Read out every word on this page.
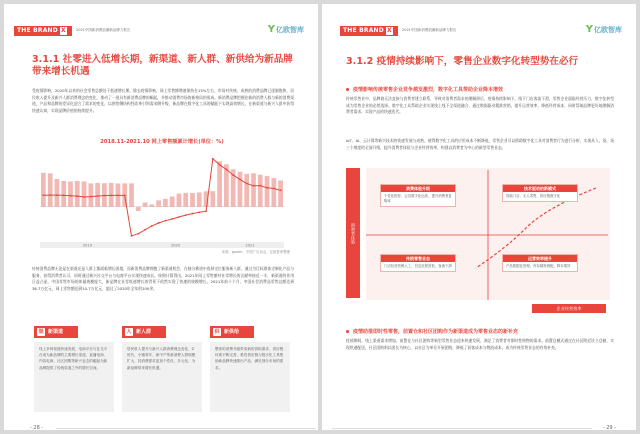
THE BRAND X	2021中国新消费浪潮新品牌力报告	Y亿欧智库
3.1.1 社零进入低增长期，新渠道、新人群、新供给为新品牌
带来增长机遇
受疫情影响，2020年以来的社会零售总额处于低速增长期，除去疫情影响，网上零售额增速保持在15%左右，市场对传统、成熟的消费品牌已逐渐饱和，居民收入提升及新兴人群消费理念的变化，推动了一批具有新消费品牌的崛起，并推动消费市场的新格局的形成。新消费品牌把握住新的消费人群与新的消费渠道，产品和品牌的差异化迎合了需求的变化，以供给侧结构性改革引领需求侧升级，新品牌在数字化工具的赋能下实现高效增长，在新渠道与新兴人群中获得快速认知，实现品牌价值的持续提升。
2018.11-2021.10 网上零售额累计增长(单位：%)
2019	2020	2021
来源：gooler、中国广告协会，亿欧智库整理
传统消费品牌无论是在渠道还是人群上都面临增长困境，而新消费品牌拥抱了新渠道机会，在细分赛道中选择定位服务新人群，通过为目标群体定制化产品与服务，获得消费者认可，同时通过新兴社交平台与电商平台实现快速成长。按照计算得出，2021年网上零售额对社零增长的贡献率接近一半，新渠道的作用日益凸显，中国零售市场的体量规模庞大，新品牌在社零低速增长的背景下依然实现了快速的规模增长，2021年前十个月，中国社会消费品零售总额达到36.7万亿元，网上零售额达到10.7万亿元，超过了2020年全年的200余。
渠 新渠道
线上多种渠道快速发展，电商平台与社交平台成为新品牌的主要增长渠道，直播电商、内容电商、社区团购等新兴业态的崛起为新品牌提供了传统渠道之外的增长空间。
人 新人群
居民收入提升与新兴人群消费理念变化，Z世代、小镇青年、新中产等新消费人群规模扩大，其消费需求更加个性化、多元化，为新品牌带来增长机遇。
供 新供给
整体的消费升级带来新的供给需求，供应链体系不断完善，柔性供应链与数字化工具帮助新品牌快速推出产品，满足细分市场的需求。
- 28 -
THE BRAND X	2021中国新消费浪潮新品牌力报告	Y亿欧智库
3.1.2 疫情持续影响下，零售企业数字化转型势在必行
疫情影响传统零售企业竞争越发激烈，数字化工具帮助企业降本增效
传统零售业中，品牌商无法直接与消费者建立联系，导致对消费者需求的理解滞后，疫情持续影响下，线下门店客流下滑，零售企业面临经营压力，数字化转型成为零售企业的必然选择。数字化工具帮助企业实现线上线下全渠道融合，通过数据驱动精准营销，提升运营效率，降低经营成本，同时帮助品牌更好地理解消费者需求，实现产品的快速迭代。
IoT、AI、云计算等新兴技术的快速发展与成熟，使得数字化工具的应用成本不断降低，零售企业可以借助数字化工具对消费者行为进行分析，实现从人、货、场三个维度的全面升级，提升消费者体验与企业经营效率，构建以消费者为中心的新型零售业态。
消费者体验
消费体验升级
个性化推荐、会员数字化运营，提升消费者复购率
技术驱动的新模式
智能门店、无人零售、供应链数字化
传统零售业态
门店经营依赖人工，信息化程度低，客流下滑
运营效率提升
产品数据化管理，库存精准调配，降本增效
企业经营效率
疫情助推即时性零售，前置仓和社区团购作为新渠道成为零售业态的新补充
疫情期间，线上渠道需求增加，前置仓与社区团购等新型零售业态迎来快速发展，满足了消费者对即时性购物的需求。前置仓模式通过在社区附近设立仓储，实现快速配送，社区团购则以团长为核心，以社区为单位开展团购，降低了获客成本与物流成本，成为传统零售业态的有效补充。
- 29 -
